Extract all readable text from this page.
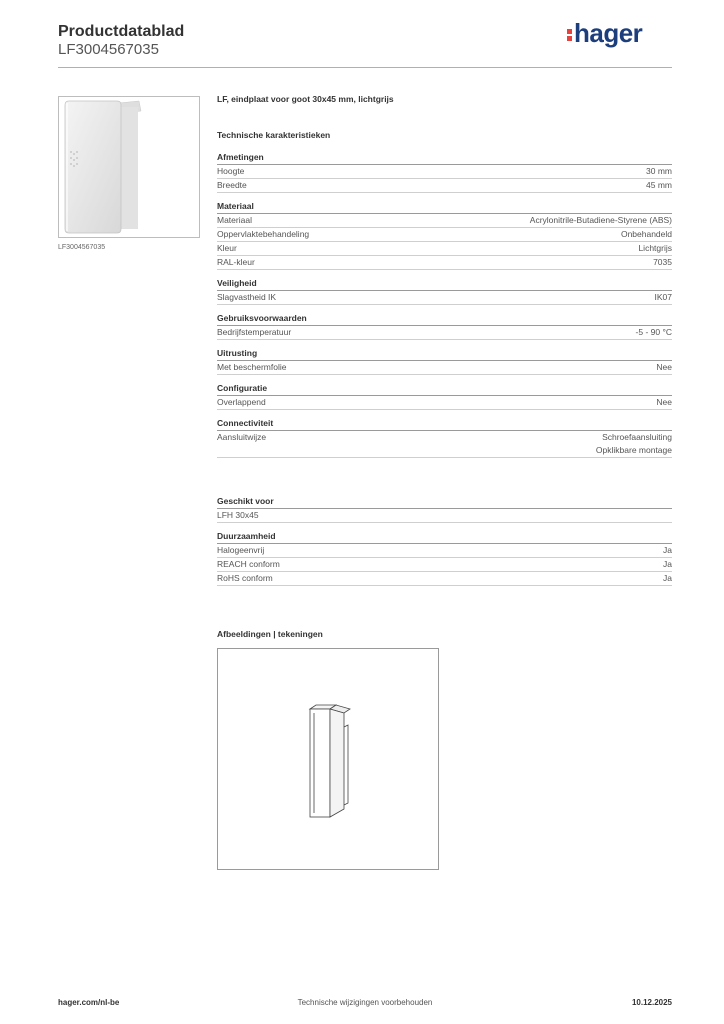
Productdatablad
LF3004567035
hager
LF3004567035
LF, eindplaat voor goot 30x45 mm, lichtgrijs
Technische karakteristieken
Afmetingen
Hoogte	30 mm
Breedte	45 mm
Materiaal
Materiaal	Acrylonitrile-Butadiene-Styrene (ABS)
Oppervlaktebehandeling	Onbehandeld
Kleur	Lichtgrijs
RAL-kleur	7035
Veiligheid
Slagvastheid IK	IK07
Gebruiksvoorwaarden
Bedrijfstemperatuur	-5 - 90 °C
Uitrusting
Met beschermfolie	Nee
Configuratie
Overlappend	Nee
Connectiviteit
Aansluitwijze	Schroefaansluiting
Opklikbare montage
Geschikt voor
LFH 30x45
Duurzaamheid
Halogeenvrij	Ja
REACH conform	Ja
RoHS conform	Ja
Afbeeldingen | tekeningen
hager.com/nl-be	Technische wijzigingen voorbehouden	10.12.2025
